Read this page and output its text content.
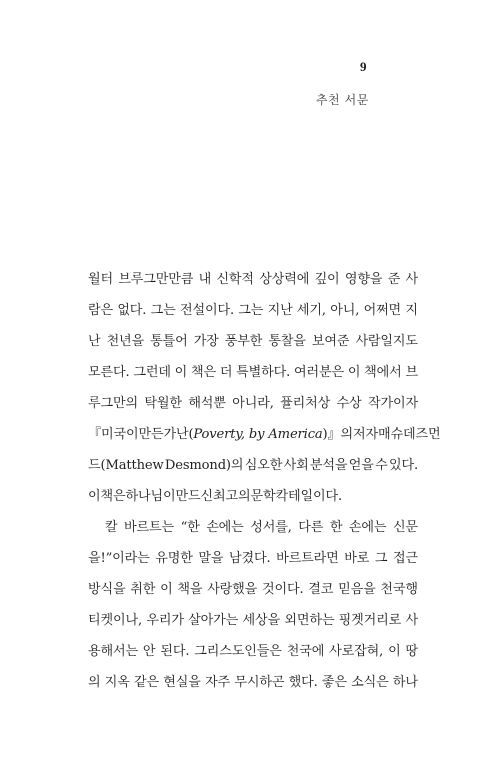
9
추천 서문
월터 브루그만만큼 내 신학적 상상력에 깊이 영향을 준 사
람은 없다. 그는 전설이다. 그는 지난 세기, 아니, 어쩌면 지
난 천년을 통틀어 가장 풍부한 통찰을 보여준 사람일지도
모른다. 그런데 이 책은 더 특별하다. 여러분은 이 책에서 브
루그만의 탁월한 해석뿐 아니라, 퓰리처상 수상 작가이자
『미국이 만든 가난(Poverty, by America)』의 저자 매슈 데즈먼
드(Matthew Desmond)의 심오한 사회 분석을 얻을 수 있다.
이 책은 하나님이 만드신 최고의 문학 칵테일이다.
칼 바르트는 “한 손에는 성서를, 다른 한 손에는 신문
을!”이라는 유명한 말을 남겼다. 바르트라면 바로 그 접근
방식을 취한 이 책을 사랑했을 것이다. 결코 믿음을 천국행
티켓이나, 우리가 살아가는 세상을 외면하는 핑곗거리로 사
용해서는 안 된다. 그리스도인들은 천국에 사로잡혀, 이 땅
의 지옥 같은 현실을 자주 무시하곤 했다. 좋은 소식은 하나
